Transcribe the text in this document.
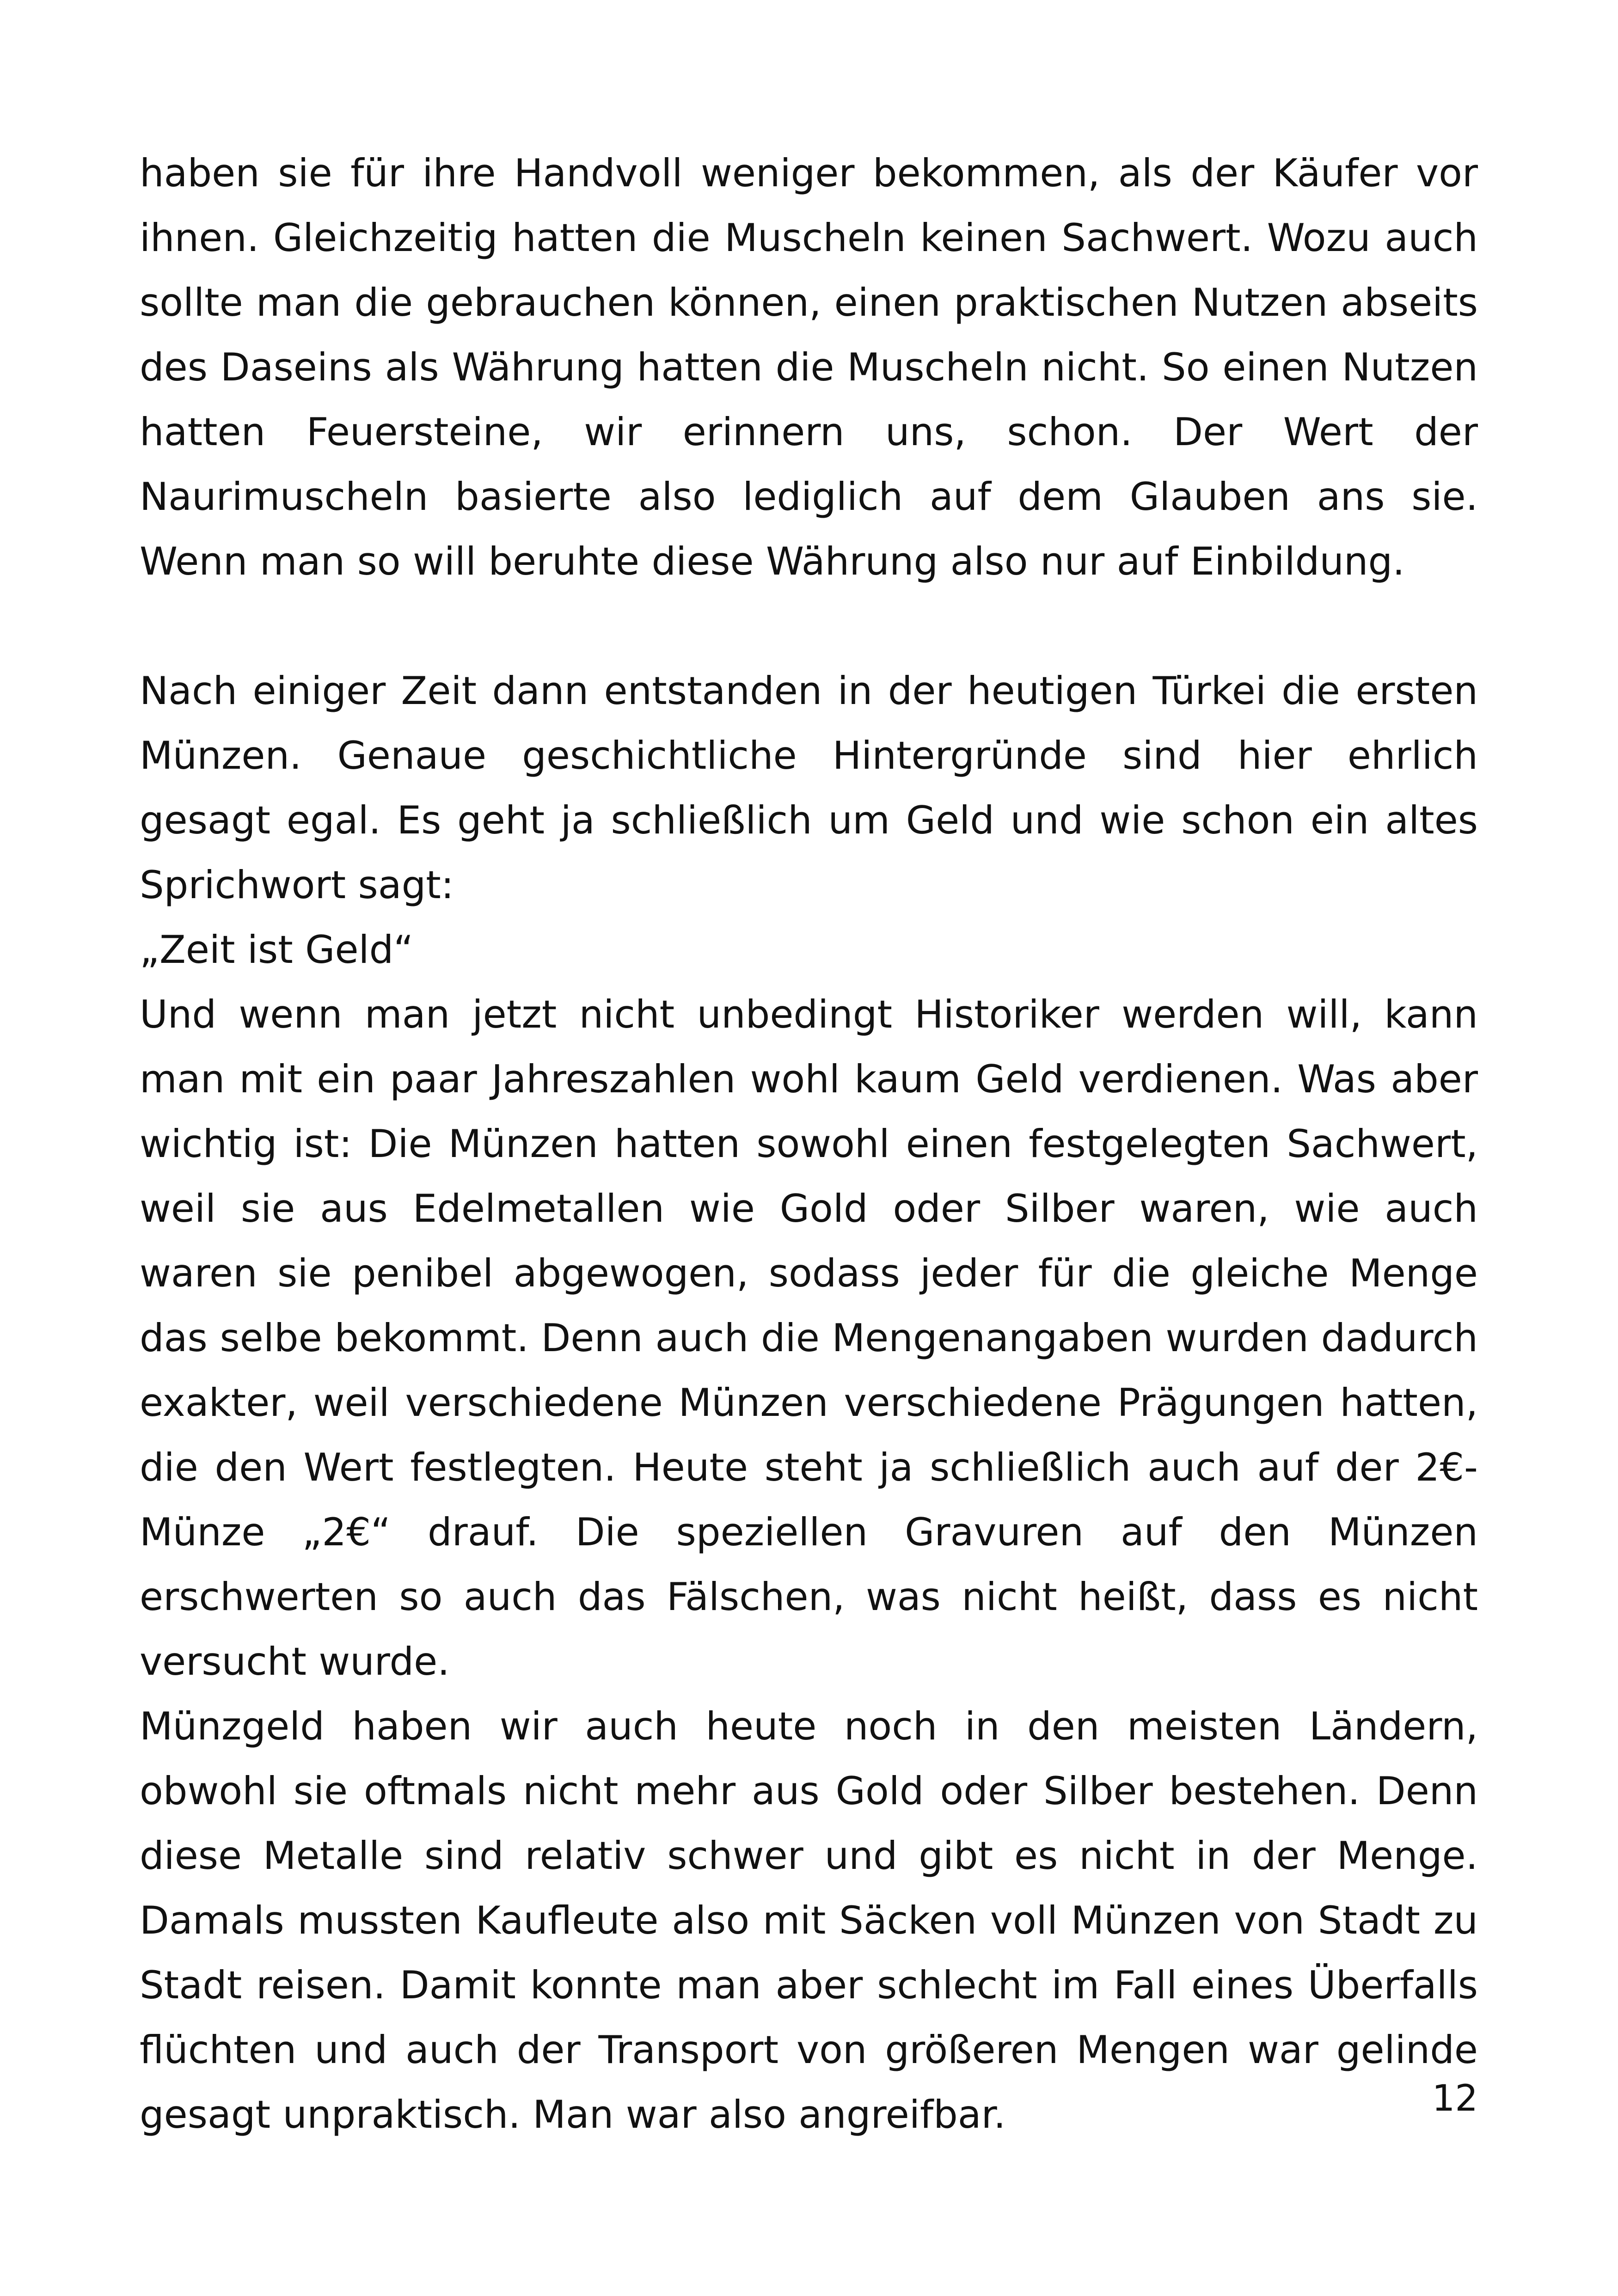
haben sie für ihre Handvoll weniger bekommen, als der Käufer vor ihnen. Gleichzeitig hatten die Muscheln keinen Sachwert. Wozu auch sollte man die gebrauchen können, einen praktischen Nutzen abseits des Daseins als Währung hatten die Muscheln nicht. So einen Nutzen hatten Feuersteine, wir erinnern uns, schon. Der Wert der Naurimuscheln basierte also lediglich auf dem Glauben ans sie. Wenn man so will beruhte diese Währung also nur auf Einbildung.

Nach einiger Zeit dann entstanden in der heutigen Türkei die ersten Münzen. Genaue geschichtliche Hintergründe sind hier ehrlich gesagt egal. Es geht ja schließlich um Geld und wie schon ein altes Sprichwort sagt:

„Zeit ist Geld“

Und wenn man jetzt nicht unbedingt Historiker werden will, kann man mit ein paar Jahreszahlen wohl kaum Geld verdienen. Was aber wichtig ist: Die Münzen hatten sowohl einen festgelegten Sachwert, weil sie aus Edelmetallen wie Gold oder Silber waren, wie auch waren sie penibel abgewogen, sodass jeder für die gleiche Menge das selbe bekommt. Denn auch die Mengenangaben wurden dadurch exakter, weil verschiedene Münzen verschiedene Prägungen hatten, die den Wert festlegten. Heute steht ja schließlich auch auf der 2€-Münze „2€“ drauf. Die speziellen Gravuren auf den Münzen erschwerten so auch das Fälschen, was nicht heißt, dass es nicht versucht wurde.

Münzgeld haben wir auch heute noch in den meisten Ländern, obwohl sie oftmals nicht mehr aus Gold oder Silber bestehen. Denn diese Metalle sind relativ schwer und gibt es nicht in der Menge. Damals mussten Kaufleute also mit Säcken voll Münzen von Stadt zu Stadt reisen. Damit konnte man aber schlecht im Fall eines Überfalls flüchten und auch der Transport von größeren Mengen war gelinde gesagt unpraktisch. Man war also angreifbar.	12
